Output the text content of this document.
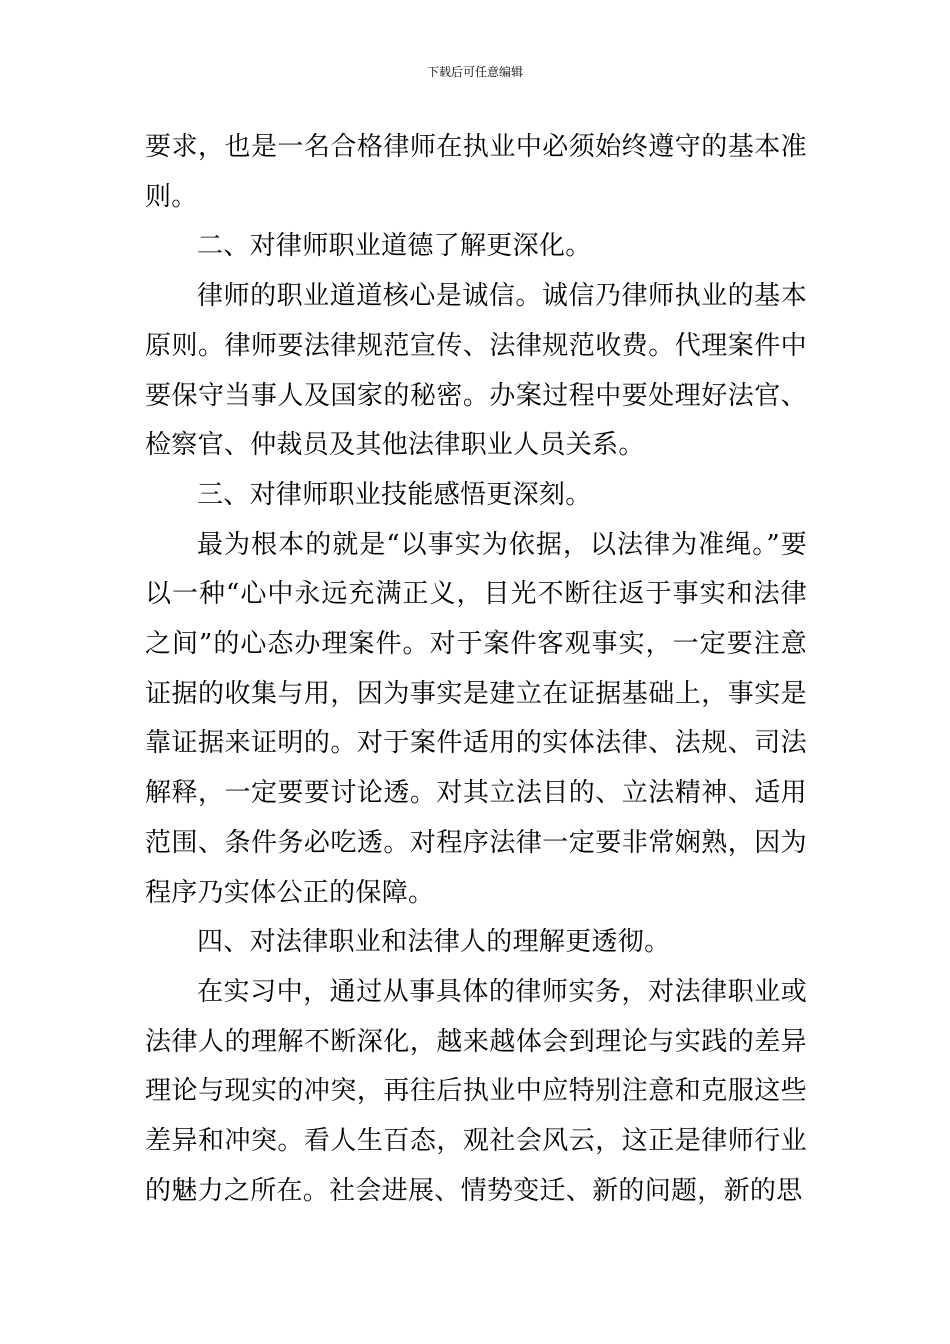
下载后可任意编辑

要求，也是一名合格律师在执业中必须始终遵守的基本准则。

二、对律师职业道德了解更深化。

律师的职业道道核心是诚信。诚信乃律师执业的基本原则。律师要法律规范宣传、法律规范收费。代理案件中要保守当事人及国家的秘密。办案过程中要处理好法官、检察官、仲裁员及其他法律职业人员关系。

三、对律师职业技能感悟更深刻。

最为根本的就是“以事实为依据，以法律为准绳。”要以一种“心中永远充满正义，目光不断往返于事实和法律之间”的心态办理案件。对于案件客观事实，一定要注意证据的收集与用，因为事实是建立在证据基础上，事实是靠证据来证明的。对于案件适用的实体法律、法规、司法解释，一定要要讨论透。对其立法目的、立法精神、适用范围、条件务必吃透。对程序法律一定要非常娴熟，因为程序乃实体公正的保障。

四、对法律职业和法律人的理解更透彻。

在实习中，通过从事具体的律师实务，对法律职业或法律人的理解不断深化，越来越体会到理论与实践的差异理论与现实的冲突，再往后执业中应特别注意和克服这些差异和冲突。看人生百态，观社会风云，这正是律师行业的魅力之所在。社会进展、情势变迁、新的问题，新的思
